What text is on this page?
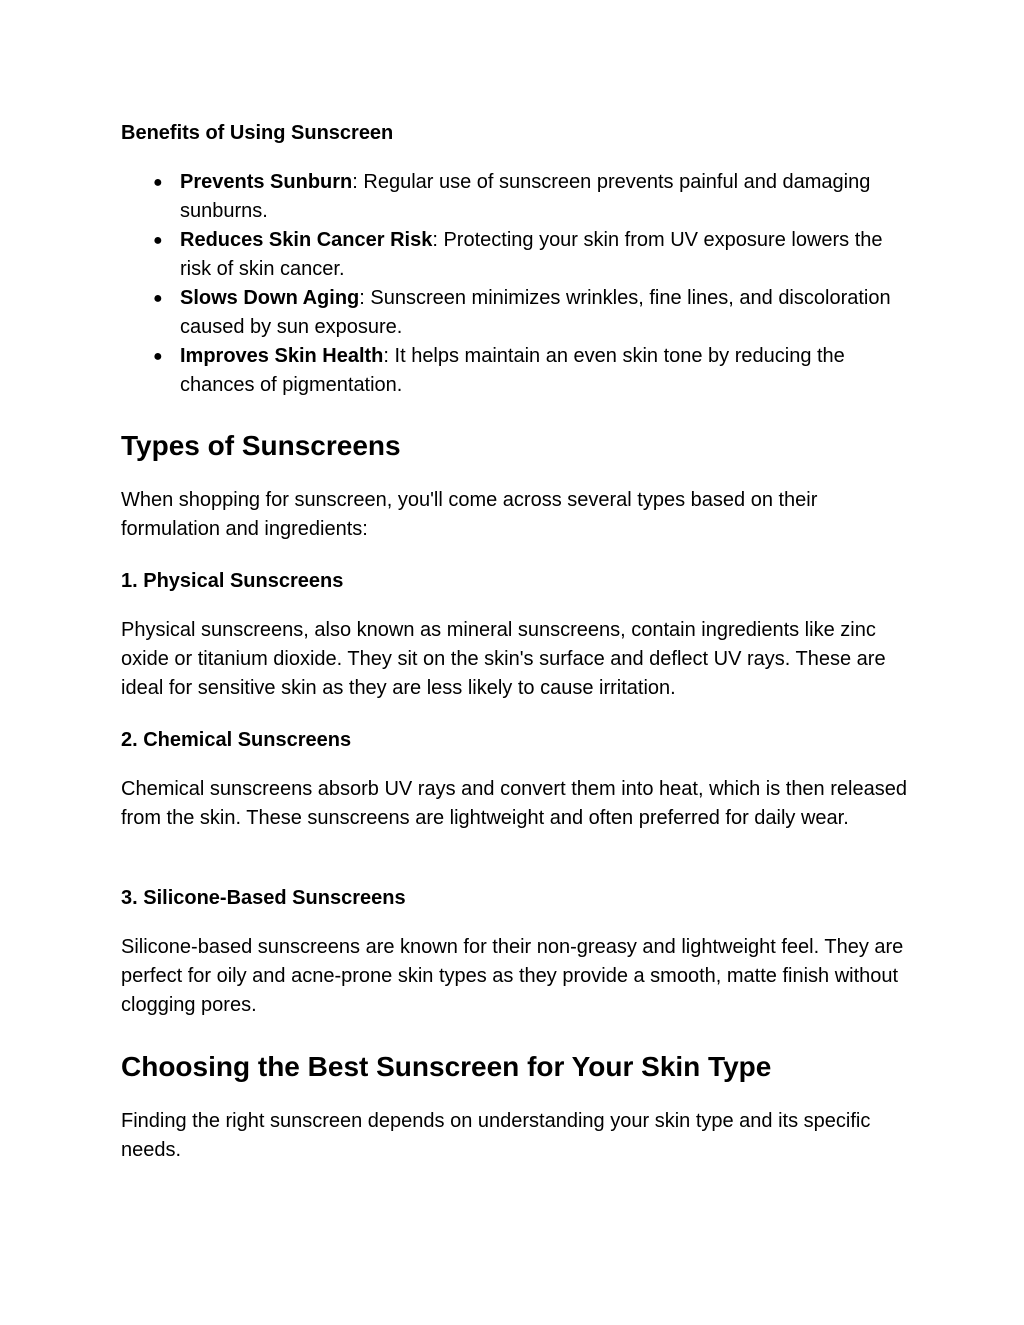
Benefits of Using Sunscreen
● Prevents Sunburn: Regular use of sunscreen prevents painful and damaging sunburns.
● Reduces Skin Cancer Risk: Protecting your skin from UV exposure lowers the risk of skin cancer.
● Slows Down Aging: Sunscreen minimizes wrinkles, fine lines, and discoloration caused by sun exposure.
● Improves Skin Health: It helps maintain an even skin tone by reducing the chances of pigmentation.
Types of Sunscreens

When shopping for sunscreen, you'll come across several types based on their formulation and ingredients:

1. Physical Sunscreens

Physical sunscreens, also known as mineral sunscreens, contain ingredients like zinc oxide or titanium dioxide. They sit on the skin's surface and deflect UV rays. These are ideal for sensitive skin as they are less likely to cause irritation.

2. Chemical Sunscreens

Chemical sunscreens absorb UV rays and convert them into heat, which is then released from the skin. These sunscreens are lightweight and often preferred for daily wear.

3. Silicone-Based Sunscreens

Silicone-based sunscreens are known for their non-greasy and lightweight feel. They are perfect for oily and acne-prone skin types as they provide a smooth, matte finish without clogging pores.

Choosing the Best Sunscreen for Your Skin Type

Finding the right sunscreen depends on understanding your skin type and its specific needs.
